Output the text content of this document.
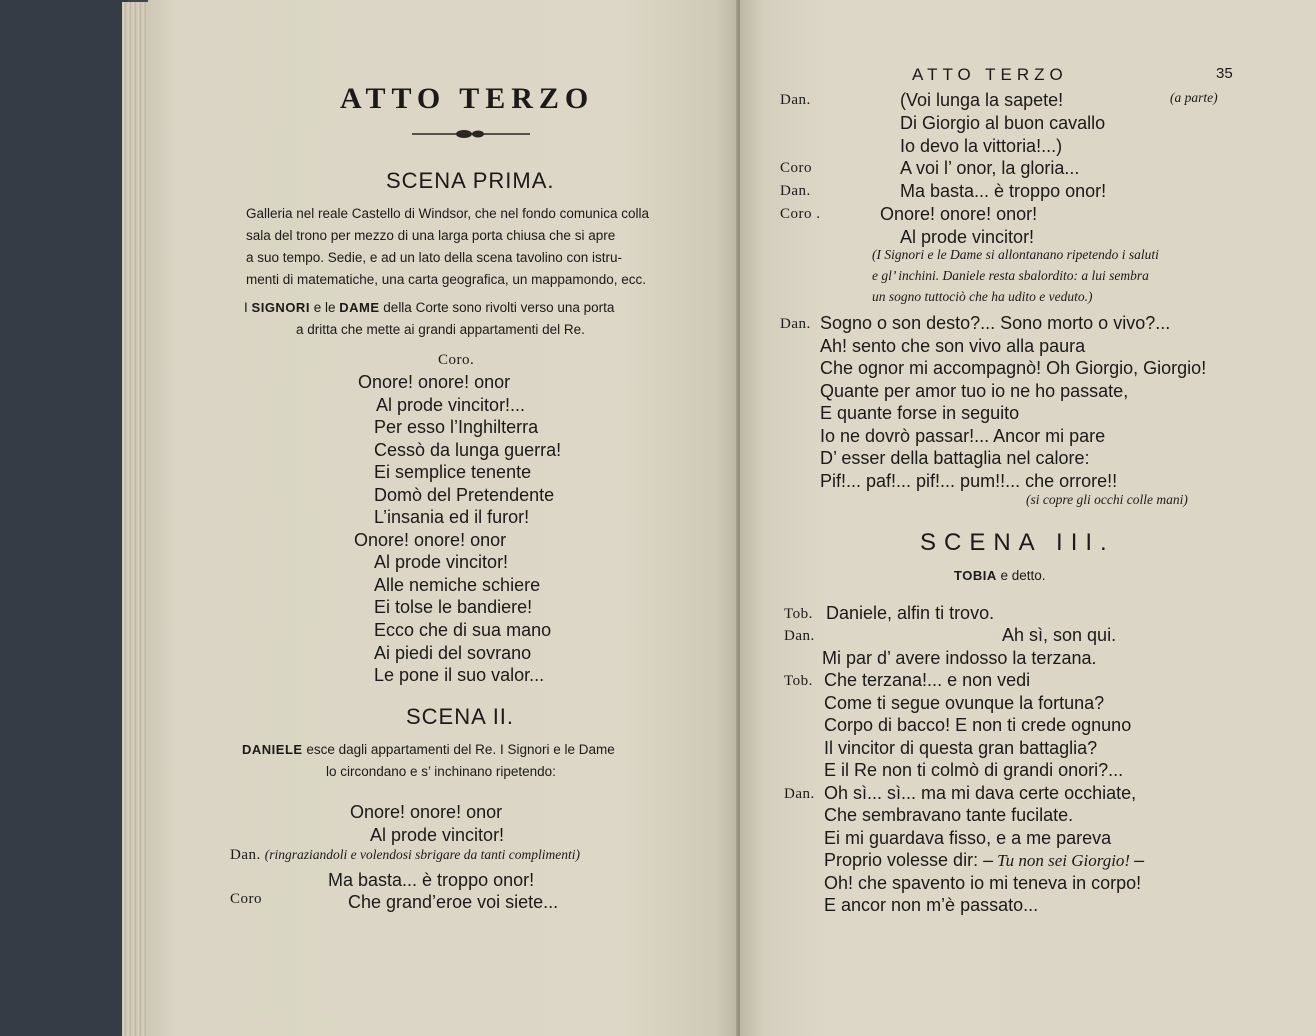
ATTO TERZO
SCENA PRIMA.
Galleria nel reale Castello di Windsor, che nel fondo comunica colla
sala del trono per mezzo di una larga porta chiusa che si apre
a suo tempo. Sedie, e ad un lato della scena tavolino con istru-
menti di matematiche, una carta geografica, un mappamondo, ecc.
I SIGNORI e le DAME della Corte sono rivolti verso una porta
a dritta che mette ai grandi appartamenti del Re.
Coro.
Onore! onore! onor
Al prode vincitor!...
Per esso l’Inghilterra
Cessò da lunga guerra!
Ei semplice tenente
Domò del Pretendente
L’insania ed il furor!
Onore! onore! onor
Al prode vincitor!
Alle nemiche schiere
Ei tolse le bandiere!
Ecco che di sua mano
Ai piedi del sovrano
Le pone il suo valor...
SCENA II.
DANIELE esce dagli appartamenti del Re. I Signori e le Dame
lo circondano e s’ inchinano ripetendo:
Onore! onore! onor
Al prode vincitor!
Dan. (ringraziandoli e volendosi sbrigare da tanti complimenti)
Ma basta... è troppo onor!
Coro	Che grand’eroe voi siete...
ATTO TERZO	35
Dan.	(Voi lunga la sapete!	(a parte)
Di Giorgio al buon cavallo
Io devo la vittoria!...)
Coro	A voi l’ onor, la gloria...
Dan.	Ma basta... è troppo onor!
Coro .	Onore! onore! onor!
Al prode vincitor!
(I Signori e le Dame si allontanano ripetendo i saluti
e gl’ inchini. Daniele resta sbalordito: a lui sembra
un sogno tuttociò che ha udito e veduto.)
Dan. Sogno o son desto?... Sono morto o vivo?...
Ah! sento che son vivo alla paura
Che ognor mi accompagnò! Oh Giorgio, Giorgio!
Quante per amor tuo io ne ho passate,
E quante forse in seguito
Io ne dovrò passar!... Ancor mi pare
D’ esser della battaglia nel calore:
Pif!... paf!... pif!... pum!!... che orrore!!
(si copre gli occhi colle mani)
SCENA III.
TOBIA e detto.
Tob. Daniele, alfin ti trovo.
Dan.	Ah sì, son qui.
Mi par d’ avere indosso la terzana.
Tob. Che terzana!... e non vedi
Come ti segue ovunque la fortuna?
Corpo di bacco! E non ti crede ognuno
Il vincitor di questa gran battaglia?
E il Re non ti colmò di grandi onori?...
Dan. Oh sì... sì... ma mi dava certe occhiate,
Che sembravano tante fucilate.
Ei mi guardava fisso, e a me pareva
Proprio volesse dir: – Tu non sei Giorgio! –
Oh! che spavento io mi teneva in corpo!
E ancor non m’è passato...
